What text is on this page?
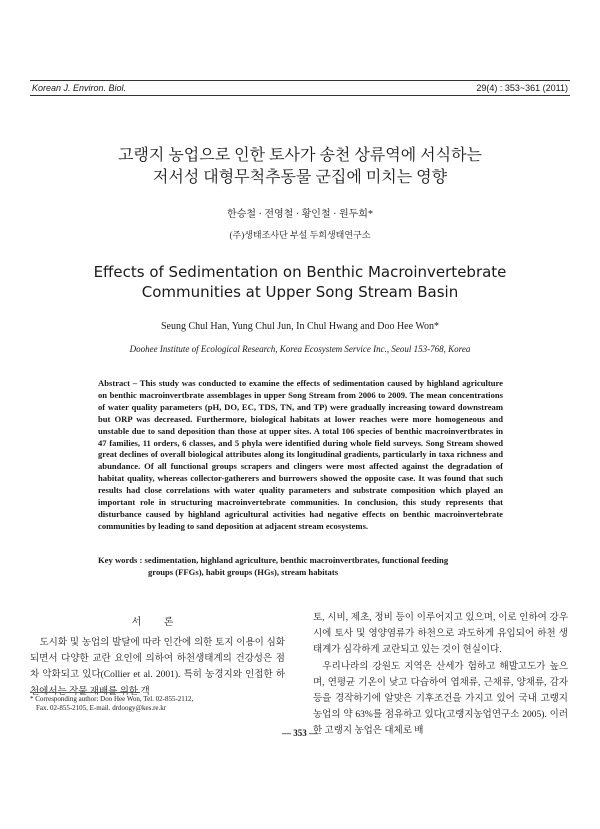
Korean J. Environ. Biol.	29(4) : 353~361 (2011)
고랭지 농업으로 인한 토사가 송천 상류역에 서식하는
저서성 대형무척추동물 군집에 미치는 영향
한승철 · 전영철 · 황인철 · 원두희*
(주)생태조사단 부설 두희생태연구소
Effects of Sedimentation on Benthic Macroinvertebrate
Communities at Upper Song Stream Basin
Seung Chul Han, Yung Chul Jun, In Chul Hwang and Doo Hee Won*
Doohee Institute of Ecological Research, Korea Ecosystem Service Inc., Seoul 153-768, Korea
Abstract – This study was conducted to examine the effects of sedimentation caused by highland agriculture on benthic macroinvertbrate assemblages in upper Song Stream from 2006 to 2009. The mean concentrations of water quality parameters (pH, DO, EC, TDS, TN, and TP) were gradually increasing toward downstream but ORP was decreased. Furthermore, biological habitats at lower reaches were more homogeneous and unstable due to sand deposition than those at upper sites. A total 106 species of benthic macroinvertbrates in 47 families, 11 orders, 6 classes, and 5 phyla were identified during whole field surveys. Song Stream showed great declines of overall biological attributes along its longitudinal gradients, particularly in taxa richness and abundance. Of all functional groups scrapers and clingers were most affected against the degradation of habitat quality, whereas collector-gatherers and burrowers showed the opposite case. It was found that such results had close correlations with water quality parameters and substrate composition which played an important role in structuring macroinvertebrate communities. In conclusion, this study represents that disturbance caused by highland agricultural activities had negative effects on benthic macroinvertebrate communities by leading to sand deposition at adjacent stream ecosystems.
Key words : sedimentation, highland agriculture, benthic macroinvertbrates, functional feeding
groups (FFGs), habit groups (HGs), stream habitats
서 론

도시화 및 농업의 발달에 따라 인간에 의한 토지 이용이 심화되면서 다양한 교란 요인에 의하여 하천생태계의 건강성은 점차 악화되고 있다(Collier et al. 2001). 특히 농경지와 인접한 하천에서는 작물 재배를 위한 객

토, 시비, 제초, 정비 등이 이루어지고 있으며, 이로 인하여 강우 시에 토사 및 영양염류가 하천으로 과도하게 유입되어 하천 생태계가 심각하게 교란되고 있는 것이 현실이다.

우리나라의 강원도 지역은 산세가 험하고 해발고도가 높으며, 연평균 기온이 낮고 다습하여 엽채류, 근채류, 양채류, 감자 등을 경작하기에 알맞은 기후조건을 가지고 있어 국내 고랭지 농업의 약 63%를 점유하고 있다(고랭지농업연구소 2005). 이러한 고랭지 농업은 대체로 배

* Corresponding author: Doo Hee Won, Tel. 02-855-2112,
Fax. 02-855-2105, E-mail. drdoogy@kes.re.kr
— 353 —
